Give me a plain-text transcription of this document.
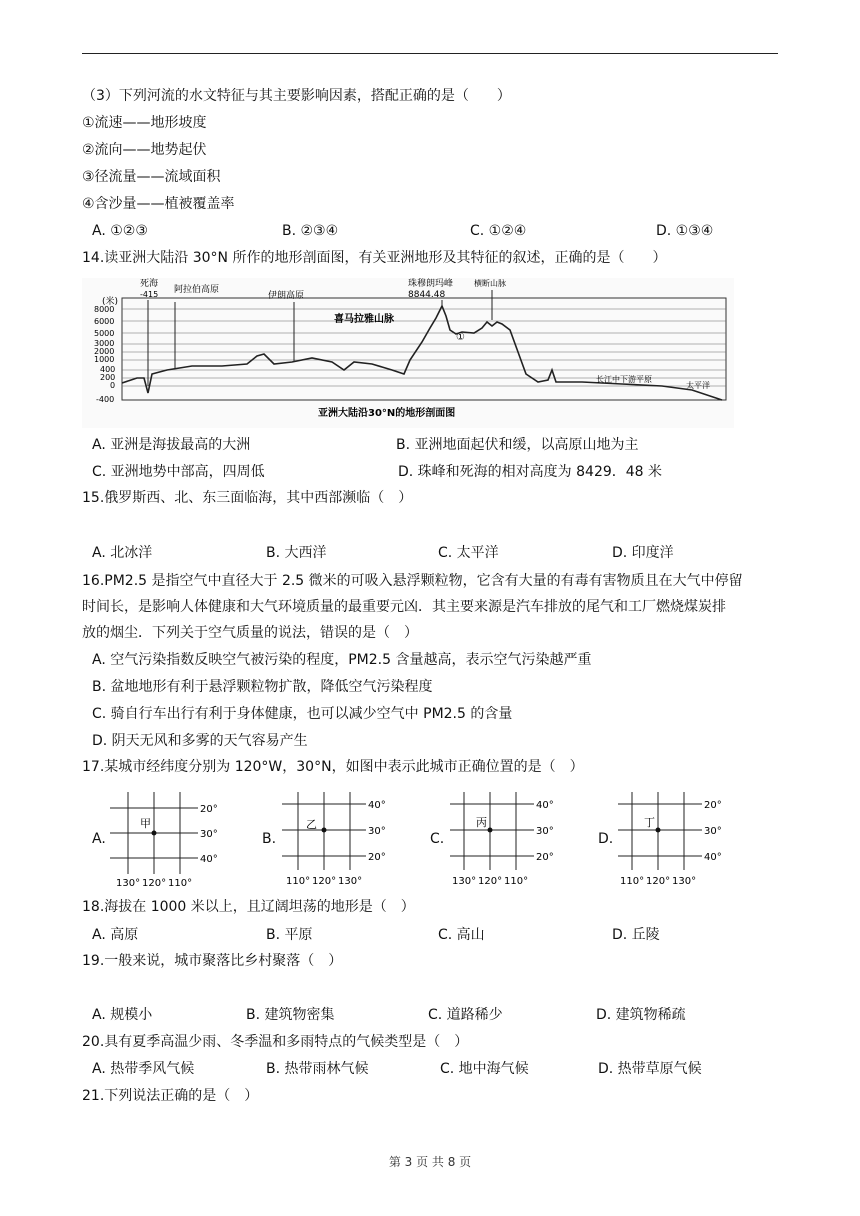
（3）下列河流的水文特征与其主要影响因素，搭配正确的是（　　）
①流速——地形坡度
②流向——地势起伏
③径流量——流域面积
④含沙量——植被覆盖率
A. ①②③	B. ②③④	C. ①②④	D. ①③④
14.读亚洲大陆沿 30°N 所作的地形剖面图，有关亚洲地形及其特征的叙述，正确的是（　　）
(米)
8000
6000
5000
3000
2000
1000
400
200
0
-400
死海
-415 阿拉伯高原
伊朗高原
珠穆朗玛峰
8844.48
横断山脉
喜马拉雅山脉
①
长江中下游平原
太平洋
亚洲大陆沿30°N的地形剖面图
A. 亚洲是海拔最高的大洲	B. 亚洲地面起伏和缓，以高原山地为主
C. 亚洲地势中部高，四周低	D. 珠峰和死海的相对高度为 8429．48 米
15.俄罗斯西、北、东三面临海，其中西部濒临（　）
A. 北冰洋	B. 大西洋	C. 太平洋	D. 印度洋
16.PM2.5 是指空气中直径大于 2.5 微米的可吸入悬浮颗粒物，它含有大量的有毒有害物质且在大气中停留
时间长，是影响人体健康和大气环境质量的最重要元凶．其主要来源是汽车排放的尾气和工厂燃烧煤炭排
放的烟尘．下列关于空气质量的说法，错误的是（　）
A. 空气污染指数反映空气被污染的程度，PM2.5 含量越高，表示空气污染越严重
B. 盆地地形有利于悬浮颗粒物扩散，降低空气污染程度
C. 骑自行车出行有利于身体健康，也可以减少空气中 PM2.5 的含量
D. 阴天无风和多雾的天气容易产生
17.某城市经纬度分别为 120°W，30°N，如图中表示此城市正确位置的是（　）
A.
甲
20°
30°
40°
130° 120° 110°
B.
乙
40°
30°
20°
110° 120° 130°
C.
丙
40°
30°
20°
130° 120° 110°
D.
丁
20°
30°
40°
110° 120° 130°
18.海拔在 1000 米以上，且辽阔坦荡的地形是（　）
A. 高原	B. 平原	C. 高山	D. 丘陵
19.一般来说，城市聚落比乡村聚落（　）
A. 规模小	B. 建筑物密集	C. 道路稀少	D. 建筑物稀疏
20.具有夏季高温少雨、冬季温和多雨特点的气候类型是（　）
A. 热带季风气候	B. 热带雨林气候	C. 地中海气候	D. 热带草原气候
21.下列说法正确的是（　）
第 3 页 共 8 页
